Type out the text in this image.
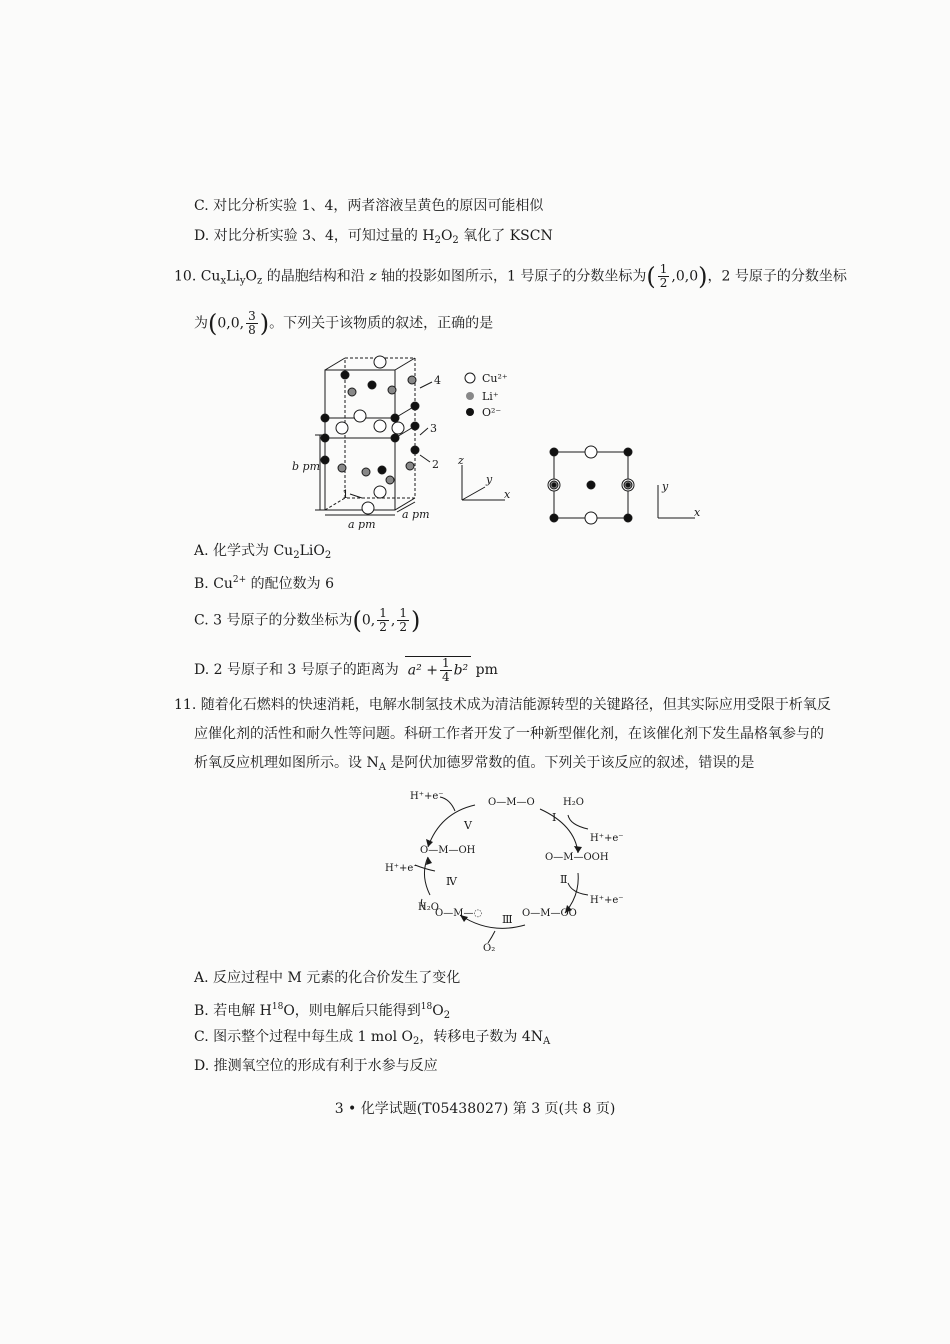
C. 对比分析实验 1、4，两者溶液呈黄色的原因可能相似
D. 对比分析实验 3、4，可知过量的 $H_2O_2$ 氧化了 KSCN
10. $Cu_xLi_yO_z$ 的晶胞结构和沿 z 轴的投影如图所示，1 号原子的分数坐标为( $\frac{1}{2} ,0,0$)，2 号原子的分数坐标
为(0,0, $\frac{3}{8}$ )。下列关于该物质的叙述，正确的是
Cu²⁺
Li⁺
O²⁻
4
3
2
1
b pm
a pm
a pm
z
y
x
y
x
A. 化学式为 $Cu_2LiO_2$
B. $Cu^{2+}$ 的配位数为 6
C. 3 号原子的分数坐标为(0, $\frac{1}{2}$ , $\frac{1}{2}$ )
D. 2 号原子和 3 号原子的距离为 $a^2 + \frac{1}{4} b^2$ pm
11. 随着化石燃料的快速消耗，电解水制氢技术成为清洁能源转型的关键路径，但其实际应用受限于析氧反
应催化剂的活性和耐久性等问题。科研工作者开发了一种新型催化剂，在该催化剂下发生晶格氧参与的
析氧反应机理如图所示。设 $N_A$ 是阿伏加德罗常数的值。下列关于该反应的叙述，错误的是
O—M—O
O—M—OOH
O—M—OO
O—M—◌
O—M—OH
H₂O
H₂O
H⁺+e⁻
H⁺+e⁻
H⁺+e⁻
H⁺+e⁻
O₂
Ⅰ
Ⅱ
Ⅲ
Ⅳ
Ⅴ
A. 反应过程中 M 元素的化合价发生了变化
B. 若电解 $H^{18}O$，则电解后只能得到$^{18}O_2$
C. 图示整个过程中每生成 1 mol $O_2$，转移电子数为 $4N_A$
D. 推测氧空位的形成有利于水参与反应
3 • 化学试题(T05438027) 第 3 页(共 8 页)
